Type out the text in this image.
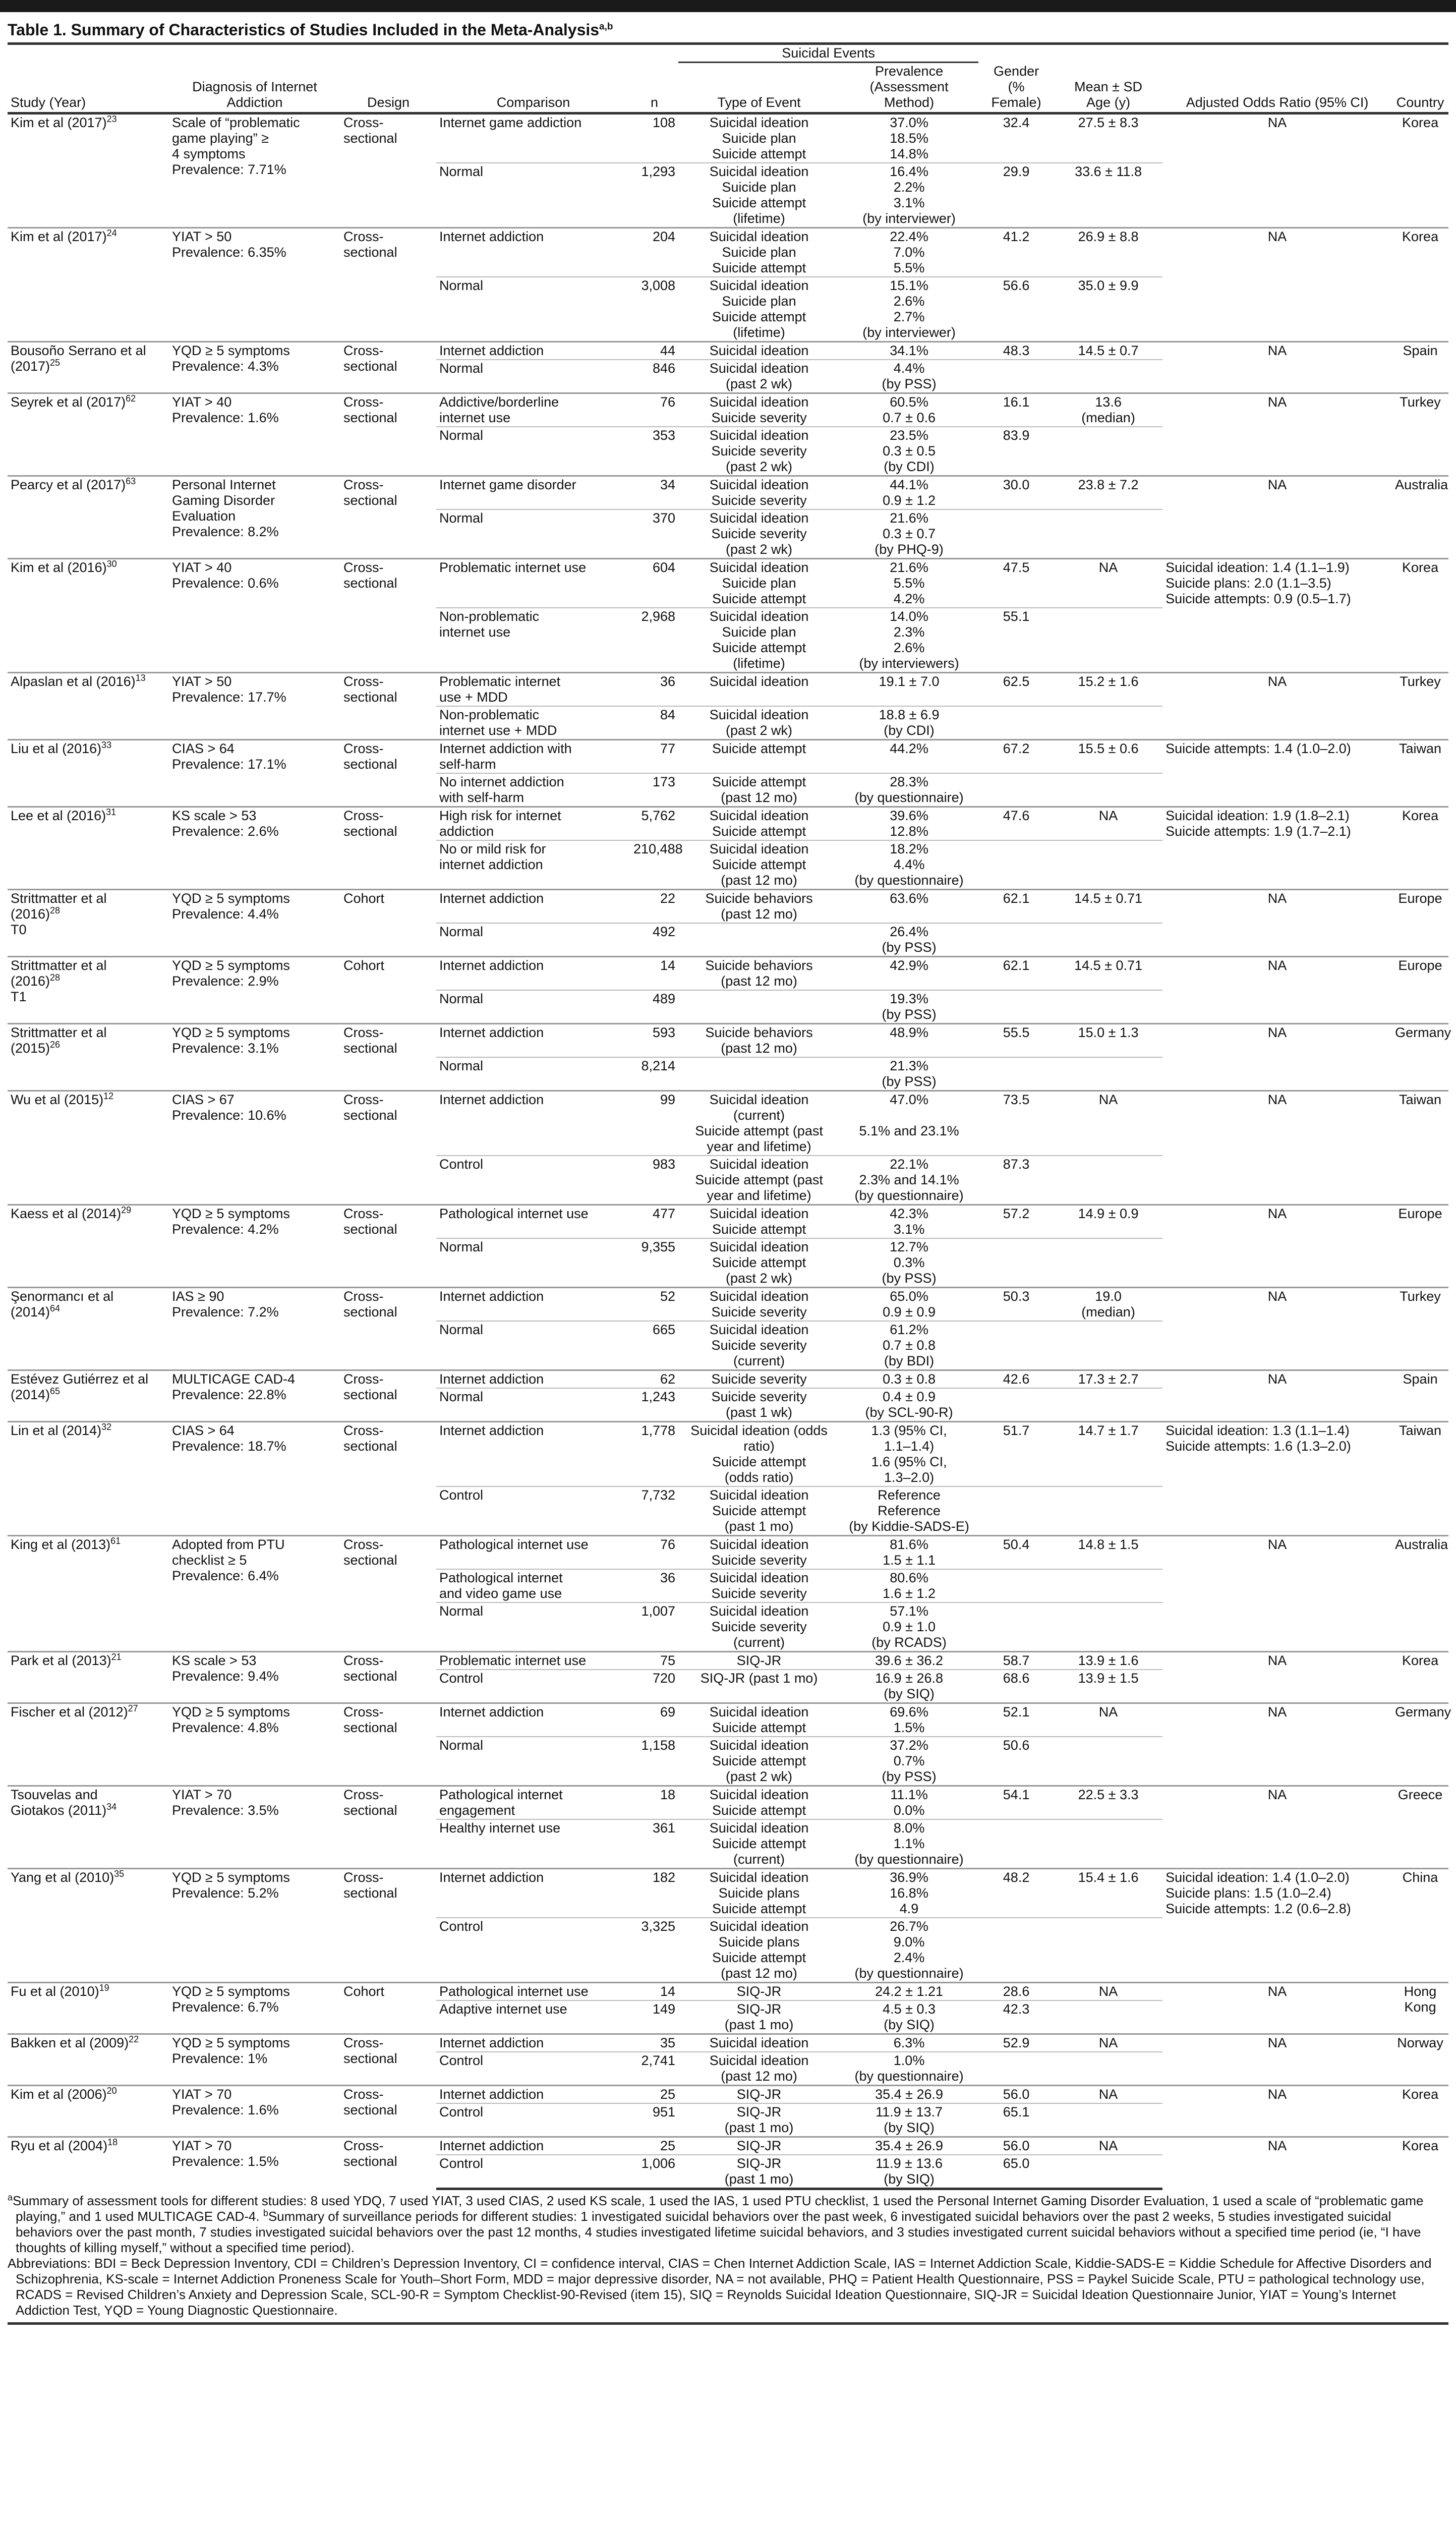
Table 1. Summary of Characteristics of Studies Included in the Meta-Analysis$^{a,b}$
					Suicidal Events					
Study (Year)	Diagnosis of Internet
Addiction	Design	Comparison	n	Type of Event	Prevalence
(Assessment
Method)	Gender
(% Female)	Mean ± SD
Age (y)	Adjusted Odds Ratio (95% CI)	Country
Kim et al $(2017)^{23}$	Scale of “problematic
game playing” ≥
4 symptoms
Prevalence: 7.71%	Cross-sectional	Internet game addiction	108	Suicidal ideation
Suicide plan
Suicide attempt	37.0%
18.5%
14.8%	32.4	27.5 ± 8.3	NA	Korea
			Normal	1,293	Suicidal ideation
Suicide plan
Suicide attempt
(lifetime)	16.4%
2.2%
3.1%
(by interviewer)	29.9	33.6 ± 11.8		
Kim et al $(2017)^{24}$	YIAT > 50
Prevalence: 6.35%	Cross-sectional	Internet addiction	204	Suicidal ideation
Suicide plan
Suicide attempt	22.4%
7.0%
5.5%	41.2	26.9 ± 8.8	NA	Korea
			Normal	3,008	Suicidal ideation
Suicide plan
Suicide attempt
(lifetime)	15.1%
2.6%
2.7%
(by interviewer)	56.6	35.0 ± 9.9		
Bousoño Serrano et al
$(2017)^{25}$	YQD ≥ 5 symptoms
Prevalence: 4.3%	Cross-sectional	Internet addiction	44	Suicidal ideation	34.1%	48.3	14.5 ± 0.7	NA	Spain
			Normal	846	Suicidal ideation
(past 2 wk)	4.4%
(by PSS)				
Seyrek et al $(2017)^{62}$	YIAT > 40
Prevalence: 1.6%	Cross-sectional	Addictive/borderline
internet use	76	Suicidal ideation
Suicide severity	60.5%
0.7 ± 0.6	16.1	13.6
(median)	NA	Turkey
			Normal	353	Suicidal ideation
Suicide severity
(past 2 wk)	23.5%
0.3 ± 0.5
(by CDI)	83.9			
Pearcy et al $(2017)^{63}$	Personal Internet
Gaming Disorder
Evaluation
Prevalence: 8.2%	Cross-sectional	Internet game disorder	34	Suicidal ideation
Suicide severity	44.1%
0.9 ± 1.2	30.0	23.8 ± 7.2	NA	Australia
			Normal	370	Suicidal ideation
Suicide severity
(past 2 wk)	21.6%
0.3 ± 0.7
(by PHQ-9)				
Kim et al $(2016)^{30}$	YIAT > 40
Prevalence: 0.6%	Cross-sectional	Problematic internet use	604	Suicidal ideation
Suicide plan
Suicide attempt	21.6%
5.5%
4.2%	47.5	NA	Suicidal ideation: 1.4 (1.1–1.9)
Suicide plans: 2.0 (1.1–3.5)
Suicide attempts: 0.9 (0.5–1.7)	Korea
			Non-problematic
internet use	2,968	Suicidal ideation
Suicide plan
Suicide attempt
(lifetime)	14.0%
2.3%
2.6%
(by interviewers)	55.1			
Alpaslan et al $(2016)^{13}$	YIAT > 50
Prevalence: 17.7%	Cross-sectional	Problematic internet
use + MDD	36	Suicidal ideation	19.1 ± 7.0	62.5	15.2 ± 1.6	NA	Turkey
			Non-problematic
internet use + MDD	84	Suicidal ideation
(past 2 wk)	18.8 ± 6.9
(by CDI)				
Liu et al $(2016)^{33}$	CIAS > 64
Prevalence: 17.1%	Cross-sectional	Internet addiction with
self-harm	77	Suicide attempt	44.2%	67.2	15.5 ± 0.6	Suicide attempts: 1.4 (1.0–2.0)	Taiwan
			No internet addiction
with self-harm	173	Suicide attempt
(past 12 mo)	28.3%
(by questionnaire)				
Lee et al $(2016)^{31}$	KS scale > 53
Prevalence: 2.6%	Cross-sectional	High risk for internet
addiction	5,762	Suicidal ideation
Suicide attempt	39.6%
12.8%	47.6	NA	Suicidal ideation: 1.9 (1.8–2.1)
Suicide attempts: 1.9 (1.7–2.1)	Korea
			No or mild risk for
internet addiction	210,488	Suicidal ideation
Suicide attempt
(past 12 mo)	18.2%
4.4%
(by questionnaire)				
Strittmatter et al
$(2016)^{28}$
T0	YQD ≥ 5 symptoms
Prevalence: 4.4%	Cohort	Internet addiction	22	Suicide behaviors
(past 12 mo)	63.6%	62.1	14.5 ± 0.71	NA	Europe
			Normal	492		26.4%
(by PSS)				
Strittmatter et al
$(2016)^{28}$
T1	YQD ≥ 5 symptoms
Prevalence: 2.9%	Cohort	Internet addiction	14	Suicide behaviors
(past 12 mo)	42.9%	62.1	14.5 ± 0.71	NA	Europe
			Normal	489		19.3%
(by PSS)				
Strittmatter et al
$(2015)^{26}$	YQD ≥ 5 symptoms
Prevalence: 3.1%	Cross-sectional	Internet addiction	593	Suicide behaviors
(past 12 mo)	48.9%	55.5	15.0 ± 1.3	NA	Germany
			Normal	8,214		21.3%
(by PSS)				
Wu et al $(2015)^{12}$	CIAS > 67
Prevalence: 10.6%	Cross-sectional	Internet addiction	99	Suicidal ideation
(current)
Suicide attempt (past
year and lifetime)	47.0%

5.1% and 23.1%	73.5	NA	NA	Taiwan
			Control	983	Suicidal ideation
Suicide attempt (past
year and lifetime)	22.1%
2.3% and 14.1%
(by questionnaire)	87.3			
Kaess et al $(2014)^{29}$	YQD ≥ 5 symptoms
Prevalence: 4.2%	Cross-sectional	Pathological internet use	477	Suicidal ideation
Suicide attempt	42.3%
3.1%	57.2	14.9 ± 0.9	NA	Europe
			Normal	9,355	Suicidal ideation
Suicide attempt
(past 2 wk)	12.7%
0.3%
(by PSS)				
Şenormancı et al
$(2014)^{64}$	IAS ≥ 90
Prevalence: 7.2%	Cross-sectional	Internet addiction	52	Suicidal ideation
Suicide severity	65.0%
0.9 ± 0.9	50.3	19.0
(median)	NA	Turkey
			Normal	665	Suicidal ideation
Suicide severity
(current)	61.2%
0.7 ± 0.8
(by BDI)				
Estévez Gutiérrez et al
$(2014)^{65}$	MULTICAGE CAD-4
Prevalence: 22.8%	Cross-sectional	Internet addiction	62	Suicide severity	0.3 ± 0.8	42.6	17.3 ± 2.7	NA	Spain
			Normal	1,243	Suicide severity
(past 1 wk)	0.4 ± 0.9
(by SCL-90-R)				
Lin et al $(2014)^{32}$	CIAS > 64
Prevalence: 18.7%	Cross-sectional	Internet addiction	1,778	Suicidal ideation (odds
ratio)
Suicide attempt
(odds ratio)	1.3 (95% CI,
1.1–1.4)
1.6 (95% CI,
1.3–2.0)	51.7	14.7 ± 1.7	Suicidal ideation: 1.3 (1.1–1.4)
Suicide attempts: 1.6 (1.3–2.0)	Taiwan
			Control	7,732	Suicidal ideation
Suicide attempt
(past 1 mo)	Reference
Reference
(by Kiddie-SADS-E)				
King et al $(2013)^{61}$	Adopted from PTU
checklist ≥ 5
Prevalence: 6.4%	Cross-sectional	Pathological internet use	76	Suicidal ideation
Suicide severity	81.6%
1.5 ± 1.1	50.4	14.8 ± 1.5	NA	Australia
			Pathological internet
and video game use	36	Suicidal ideation
Suicide severity	80.6%
1.6 ± 1.2				
			Normal	1,007	Suicidal ideation
Suicide severity
(current)	57.1%
0.9 ± 1.0
(by RCADS)				
Park et al $(2013)^{21}$	KS scale > 53
Prevalence: 9.4%	Cross-sectional	Problematic internet use	75	SIQ-JR	39.6 ± 36.2	58.7	13.9 ± 1.6	NA	Korea
			Control	720	SIQ-JR (past 1 mo)	16.9 ± 26.8
(by SIQ)	68.6	13.9 ± 1.5		
Fischer et al $(2012)^{27}$	YQD ≥ 5 symptoms
Prevalence: 4.8%	Cross-sectional	Internet addiction	69	Suicidal ideation
Suicide attempt	69.6%
1.5%	52.1	NA	NA	Germany
			Normal	1,158	Suicidal ideation
Suicide attempt
(past 2 wk)	37.2%
0.7%
(by PSS)	50.6			
Tsouvelas and
Giotakos $(2011)^{34}$	YIAT > 70
Prevalence: 3.5%	Cross-sectional	Pathological internet
engagement	18	Suicidal ideation
Suicide attempt	11.1%
0.0%	54.1	22.5 ± 3.3	NA	Greece
			Healthy internet use	361	Suicidal ideation
Suicide attempt
(current)	8.0%
1.1%
(by questionnaire)				
Yang et al $(2010)^{35}$	YQD ≥ 5 symptoms
Prevalence: 5.2%	Cross-sectional	Internet addiction	182	Suicidal ideation
Suicide plans
Suicide attempt	36.9%
16.8%
4.9	48.2	15.4 ± 1.6	Suicidal ideation: 1.4 (1.0–2.0)
Suicide plans: 1.5 (1.0–2.4)
Suicide attempts: 1.2 (0.6–2.8)	China
			Control	3,325	Suicidal ideation
Suicide plans
Suicide attempt
(past 12 mo)	26.7%
9.0%
2.4%
(by questionnaire)				
Fu et al $(2010)^{19}$	YQD ≥ 5 symptoms
Prevalence: 6.7%	Cohort	Pathological internet use	14	SIQ-JR	24.2 ± 1.21	28.6	NA	NA	Hong
Kong
			Adaptive internet use	149	SIQ-JR
(past 1 mo)	4.5 ± 0.3
(by SIQ)	42.3			
Bakken et al $(2009)^{22}$	YQD ≥ 5 symptoms
Prevalence: 1%	Cross-sectional	Internet addiction	35	Suicidal ideation	6.3%	52.9	NA	NA	Norway
			Control	2,741	Suicidal ideation
(past 12 mo)	1.0%
(by questionnaire)				
Kim et al $(2006)^{20}$	YIAT > 70
Prevalence: 1.6%	Cross-sectional	Internet addiction	25	SIQ-JR	35.4 ± 26.9	56.0	NA	NA	Korea
			Control	951	SIQ-JR
(past 1 mo)	11.9 ± 13.7
(by SIQ)	65.1			
Ryu et al $(2004)^{18}$	YIAT > 70
Prevalence: 1.5%	Cross-sectional	Internet addiction	25	SIQ-JR	35.4 ± 26.9	56.0	NA	NA	Korea
			Control	1,006	SIQ-JR
(past 1 mo)	11.9 ± 13.6
(by SIQ)	65.0			

$^a$Summary of assessment tools for different studies: 8 used YDQ, 7 used YIAT, 3 used CIAS, 2 used KS scale, 1 used the IAS, 1 used PTU checklist, 1 used the Personal Internet Gaming Disorder Evaluation, 1 used a scale of “problematic game playing,” and 1 used MULTICAGE CAD-4. $^b$Summary of surveillance periods for different studies: 1 investigated suicidal behaviors over the past week, 6 investigated suicidal behaviors over the past 2 weeks, 5 studies investigated suicidal behaviors over the past month, 7 studies investigated suicidal behaviors over the past 12 months, 4 studies investigated lifetime suicidal behaviors, and 3 studies investigated current suicidal behaviors without a specified time period (ie, “I have thoughts of killing myself,” without a specified time period).

Abbreviations: BDI = Beck Depression Inventory, CDI = Children’s Depression Inventory, CI = confidence interval, CIAS = Chen Internet Addiction Scale, IAS = Internet Addiction Scale, Kiddie-SADS-E = Kiddie Schedule for Affective Disorders and Schizophrenia, KS-scale = Internet Addiction Proneness Scale for Youth–Short Form, MDD = major depressive disorder, NA = not available, PHQ = Patient Health Questionnaire, PSS = Paykel Suicide Scale, PTU = pathological technology use, RCADS = Revised Children’s Anxiety and Depression Scale, SCL-90-R = Symptom Checklist-90-Revised (item 15), SIQ = Reynolds Suicidal Ideation Questionnaire, SIQ-JR = Suicidal Ideation Questionnaire Junior, YIAT = Young’s Internet Addiction Test, YQD = Young Diagnostic Questionnaire.
